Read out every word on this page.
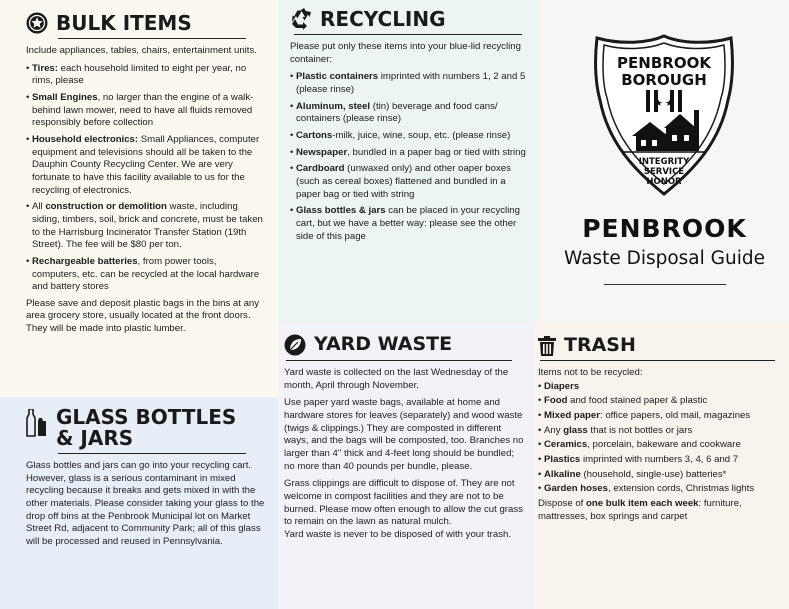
BULK ITEMS

Include appliances, tables, chairs, entertainment units.

• Tires: each household limited to eight per year, no rims, please
• Small Engines, no larger than the engine of a walk-behind lawn mower, need to have all fluids removed responsibly before collection
• Household electronics: Small Appliances, computer equipment and televisions should all be taken to the Dauphin County Recycling Center. We are very fortunate to have this facility available to us for the recycling of electronics.
• All construction or demolition waste, including siding, timbers, soil, brick and concrete, must be taken to the Harrisburg Incinerator Transfer Station (19th Street). The fee will be $80 per ton.
• Rechargeable batteries, from power tools, computers, etc. can be recycled at the local hardware and battery stores

Please save and deposit plastic bags in the bins at any area grocery store, usually located at the front doors. They will be made into plastic lumber.

GLASS BOTTLES
& JARS

Glass bottles and jars can go into your recycling cart. However, glass is a serious contaminant in mixed recycling because it breaks and gets mixed in with the other materials. Please consider taking your glass to the drop off bins at the Penbrook Municipal lot on Market Street Rd, adjacent to Community Park; all of this glass will be processed and reused in Pennsylvania.

RECYCLING

Please put only these items into your blue-lid recycling container:

• Plastic containers imprinted with numbers 1, 2 and 5 (please rinse)
• Aluminum, steel (tin) beverage and food cans/ containers (please rinse)
• Cartons-milk, juice, wine, soup, etc. (please rinse)
• Newspaper, bundled in a paper bag or tied with string
• Cardboard (unwaxed only) and other oaper boxes (such as cereal boxes) flattened and bundled in a paper bag or tied with string
• Glass bottles & jars can be placed in your recycling cart, but we have a better way: please see the other side of this page
PENBROOK
BOROUGH
★ ★
INTEGRITY
SERVICE
HONOR
PENBROOK
Waste Disposal Guide
YARD WASTE

Yard waste is collected on the last Wednesday of the month, April through November.

Use paper yard waste bags, available at home and hardware stores for leaves (separately) and wood waste (twigs & clippings.) They are composted in different ways, and the bags will be composted, too. Branches no larger than 4" thick and 4-feet long should be bundled; no more than 40 pounds per bundle, please.

Grass clippings are difficult to dispose of. They are not welcome in compost facilities and they are not to be burned. Please mow often enough to allow the cut grass to remain on the lawn as natural mulch.

Yard waste is never to be disposed of with your trash.

TRASH

Items not to be recycled:

• Diapers
• Food and food stained paper & plastic
• Mixed paper: office papers, old mail, magazines
• Any glass that is not bottles or jars
• Ceramics, porcelain, bakeware and cookware
• Plastics imprinted with numbers 3, 4, 6 and 7
• Alkaline (household, single-use) batteries*
• Garden hoses, extension cords, Christmas lights

Dispose of one bulk item each week: furniture, mattresses, box springs and carpet
